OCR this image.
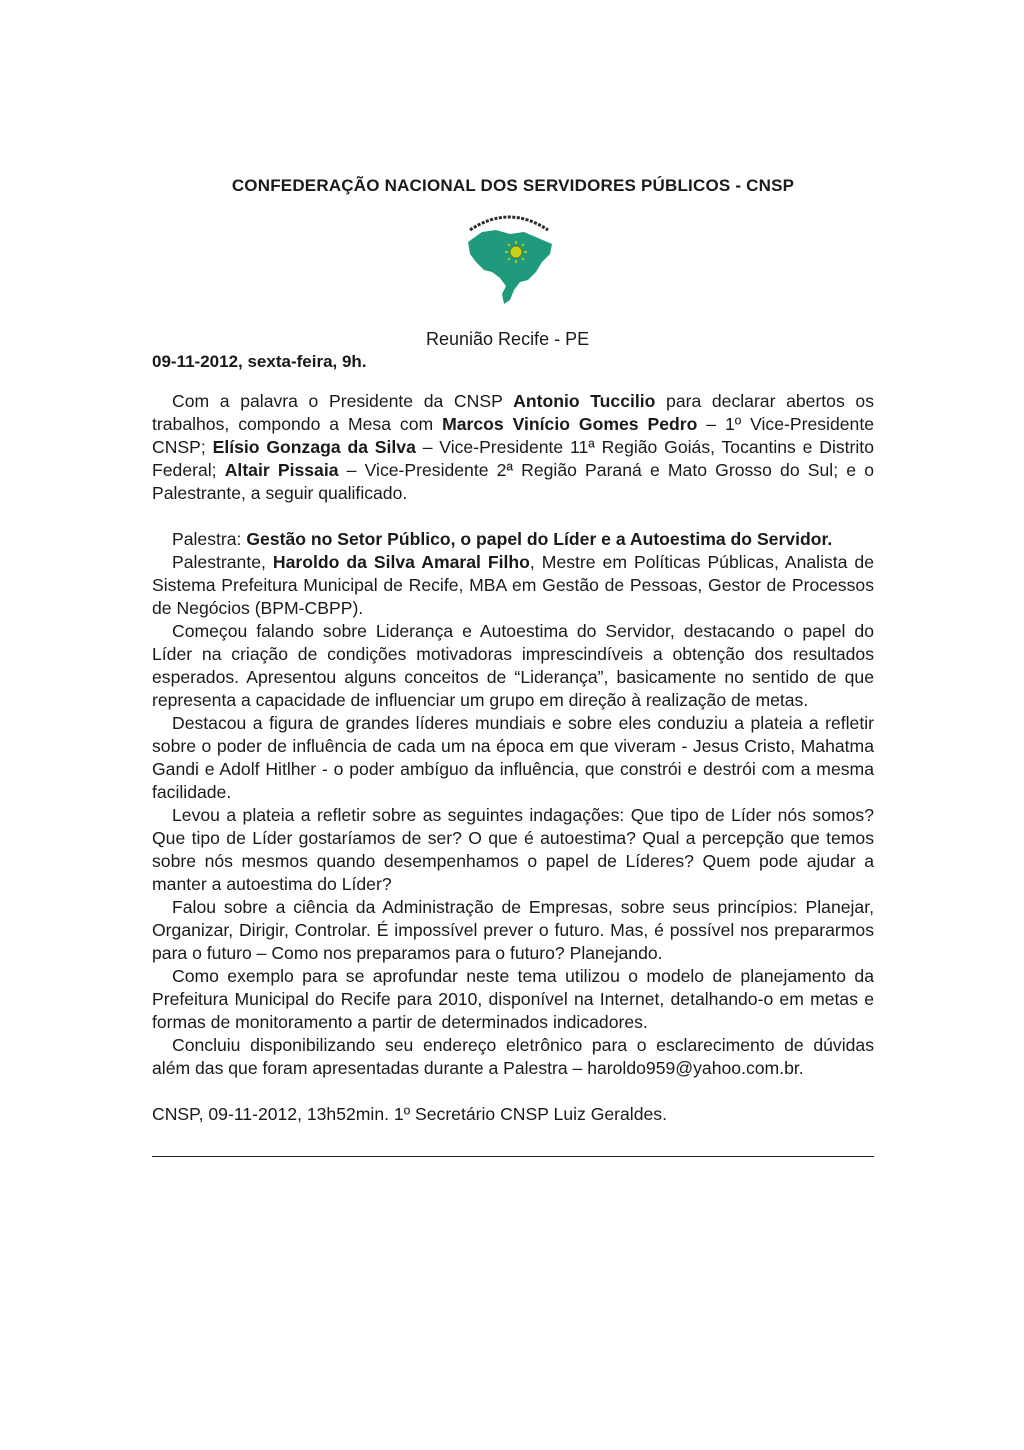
CONFEDERAÇÃO NACIONAL DOS SERVIDORES PÚBLICOS - CNSP
Reunião Recife - PE
09-11-2012, sexta-feira, 9h.

Com a palavra o Presidente da CNSP Antonio Tuccilio para declarar abertos os trabalhos, compondo a Mesa com Marcos Vinício Gomes Pedro – 1º Vice-Presidente CNSP; Elísio Gonzaga da Silva – Vice-Presidente 11ª Região Goiás, Tocantins e Distrito Federal; Altair Pissaia – Vice-Presidente 2ª Região Paraná e Mato Grosso do Sul; e o Palestrante, a seguir qualificado.

Palestra: Gestão no Setor Público, o papel do Líder e a Autoestima do Servidor.

Palestrante, Haroldo da Silva Amaral Filho, Mestre em Políticas Públicas, Analista de Sistema Prefeitura Municipal de Recife, MBA em Gestão de Pessoas, Gestor de Processos de Negócios (BPM-CBPP).

Começou falando sobre Liderança e Autoestima do Servidor, destacando o papel do Líder na criação de condições motivadoras imprescindíveis a obtenção dos resultados esperados. Apresentou alguns conceitos de “Liderança”, basicamente no sentido de que representa a capacidade de influenciar um grupo em direção à realização de metas.

Destacou a figura de grandes líderes mundiais e sobre eles conduziu a plateia a refletir sobre o poder de influência de cada um na época em que viveram - Jesus Cristo, Mahatma Gandi e Adolf Hitlher - o poder ambíguo da influência, que constrói e destrói com a mesma facilidade.

Levou a plateia a refletir sobre as seguintes indagações: Que tipo de Líder nós somos? Que tipo de Líder gostaríamos de ser? O que é autoestima? Qual a percepção que temos sobre nós mesmos quando desempenhamos o papel de Líderes? Quem pode ajudar a manter a autoestima do Líder?

Falou sobre a ciência da Administração de Empresas, sobre seus princípios: Planejar, Organizar, Dirigir, Controlar. É impossível prever o futuro. Mas, é possível nos prepararmos para o futuro – Como nos preparamos para o futuro? Planejando.

Como exemplo para se aprofundar neste tema utilizou o modelo de planejamento da Prefeitura Municipal do Recife para 2010, disponível na Internet, detalhando-o em metas e formas de monitoramento a partir de determinados indicadores.

Concluiu disponibilizando seu endereço eletrônico para o esclarecimento de dúvidas além das que foram apresentadas durante a Palestra – haroldo959@yahoo.com.br.

CNSP, 09-11-2012, 13h52min. 1º Secretário CNSP Luiz Geraldes.
